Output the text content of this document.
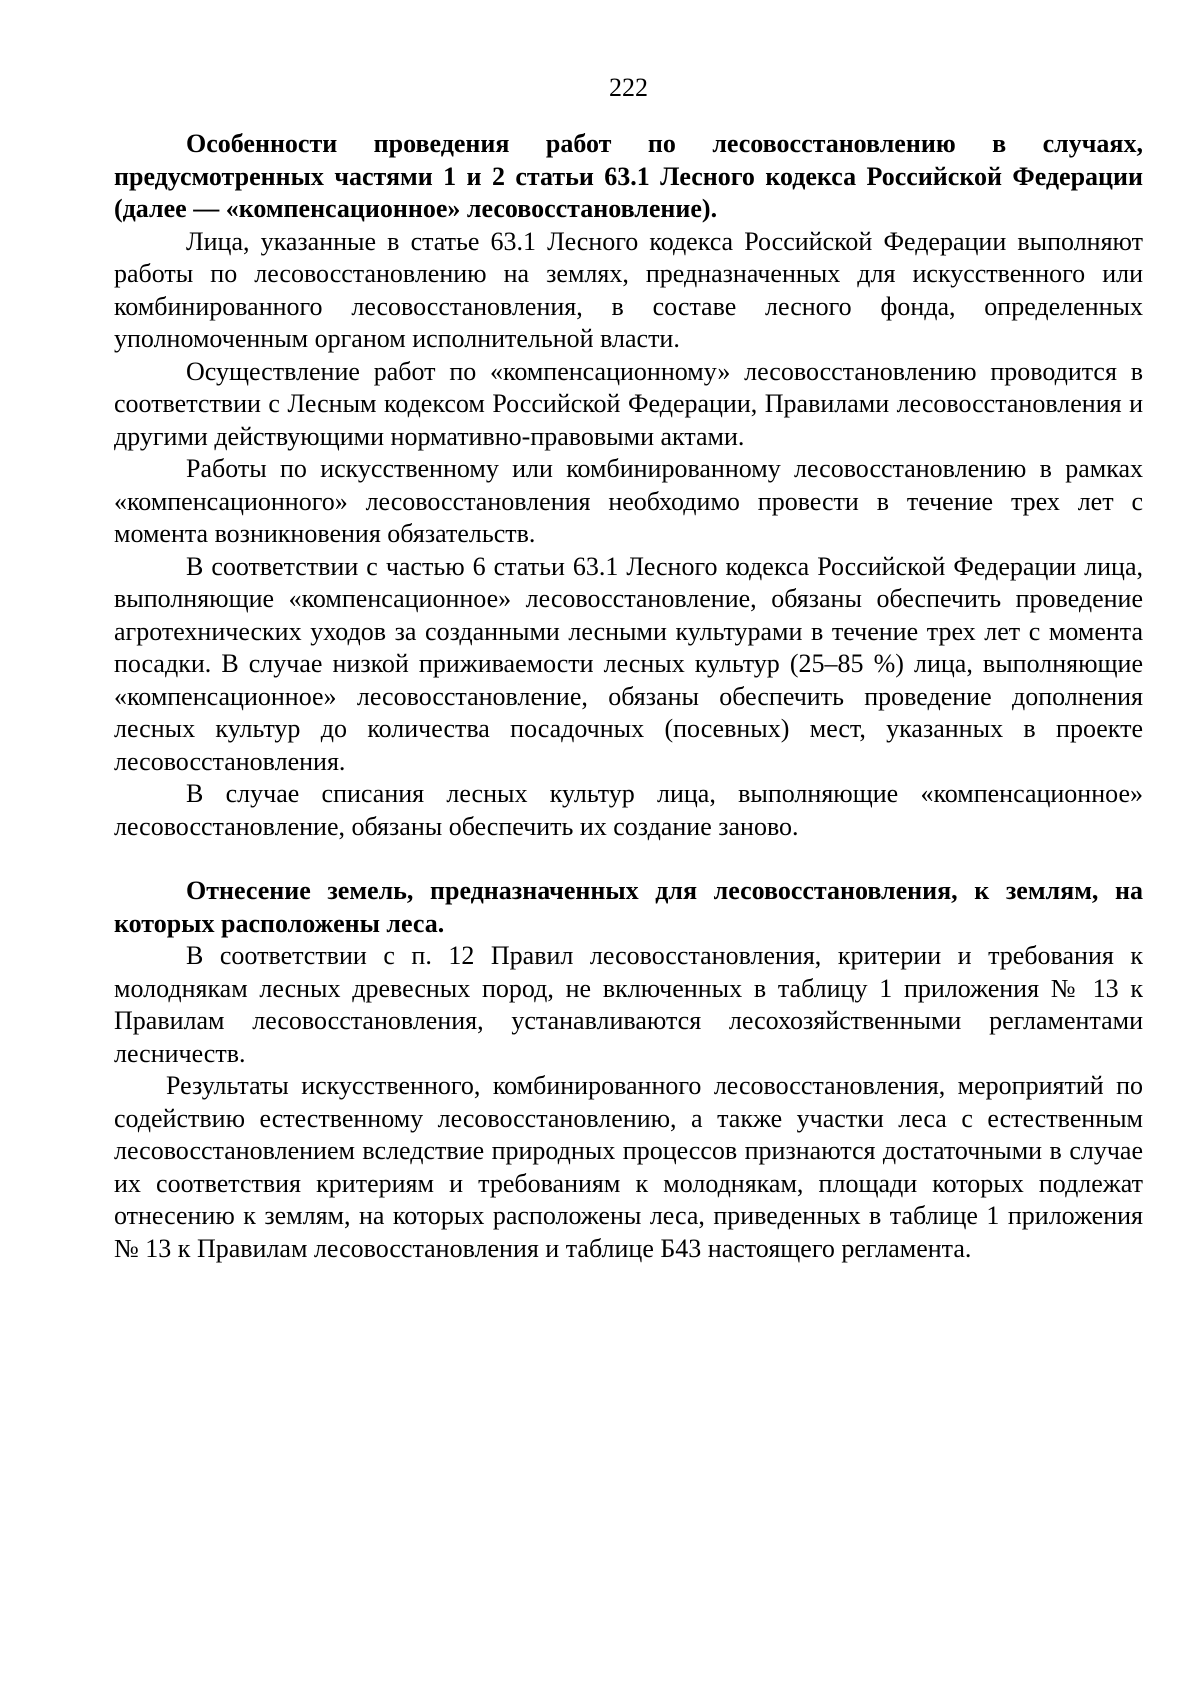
222

Особенности проведения работ по лесовосстановлению в случаях, предусмотренных частями 1 и 2 статьи 63.1 Лесного кодекса Российской Федерации (далее — «компенсационное» лесовосстановление).

Лица, указанные в статье 63.1 Лесного кодекса Российской Федерации выполняют работы по лесовосстановлению на землях, предназначенных для искусственного или комбинированного лесовосстановления, в составе лесного фонда, определенных уполномоченным органом исполнительной власти.

Осуществление работ по «компенсационному» лесовосстановлению проводится в соответствии с Лесным кодексом Российской Федерации, Правилами лесовосстановления и другими действующими нормативно-правовыми актами.

Работы по искусственному или комбинированному лесовосстановлению в рамках «компенсационного» лесовосстановления необходимо провести в течение трех лет с момента возникновения обязательств.

В соответствии с частью 6 статьи 63.1 Лесного кодекса Российской Федерации лица, выполняющие «компенсационное» лесовосстановление, обязаны обеспечить проведение агротехнических уходов за созданными лесными культурами в течение трех лет с момента посадки. В случае низкой приживаемости лесных культур (25–85 %) лица, выполняющие «компенсационное» лесовосстановление, обязаны обеспечить проведение дополнения лесных культур до количества посадочных (посевных) мест, указанных в проекте лесовосстановления.

В случае списания лесных культур лица, выполняющие «компенсационное» лесовосстановление, обязаны обеспечить их создание заново.

Отнесение земель, предназначенных для лесовосстановления, к землям, на которых расположены леса.

В соответствии с п. 12 Правил лесовосстановления, критерии и требования к молоднякам лесных древесных пород, не включенных в таблицу 1 приложения № 13 к Правилам лесовосстановления, устанавливаются лесохозяйственными регламентами лесничеств.

Результаты искусственного, комбинированного лесовосстановления, мероприятий по содействию естественному лесовосстановлению, а также участки леса с естественным лесовосстановлением вследствие природных процессов признаются достаточными в случае их соответствия критериям и требованиям к молоднякам, площади которых подлежат отнесению к землям, на которых расположены леса, приведенных в таблице 1 приложения № 13 к Правилам лесовосстановления и таблице Б43 настоящего регламента.
